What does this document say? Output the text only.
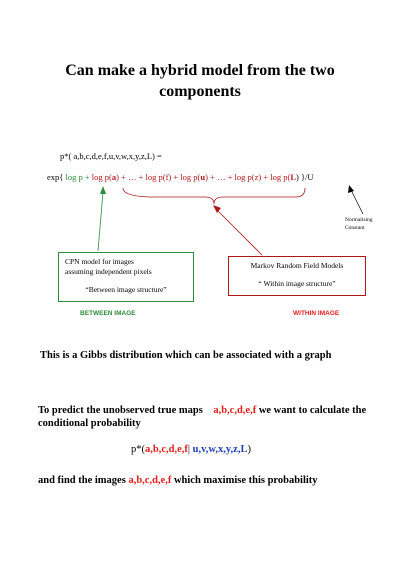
Can make a hybrid model from the two components
p*( a,b,c,d,e,f,u,v,w,x,y,z,L) =
exp{ log p + log p(a) + … + log p(f) + log p(u) + … + log p(z) + log p(L) }/U
Normalising
Constant
CPN model for images
assuming independent pixels
“Between image structure”
Markov Random Field Models
“ Within image structure”
BETWEEN IMAGE	WITHIN IMAGE
This is a Gibbs distribution which can be associated with a graph
To predict the unobserved true maps a,b,c,d,e,f we want to calculate the conditional probability
p*(a,b,c,d,e,f| u,v,w,x,y,z,L)
and find the images a,b,c,d,e,f which maximise this probability
